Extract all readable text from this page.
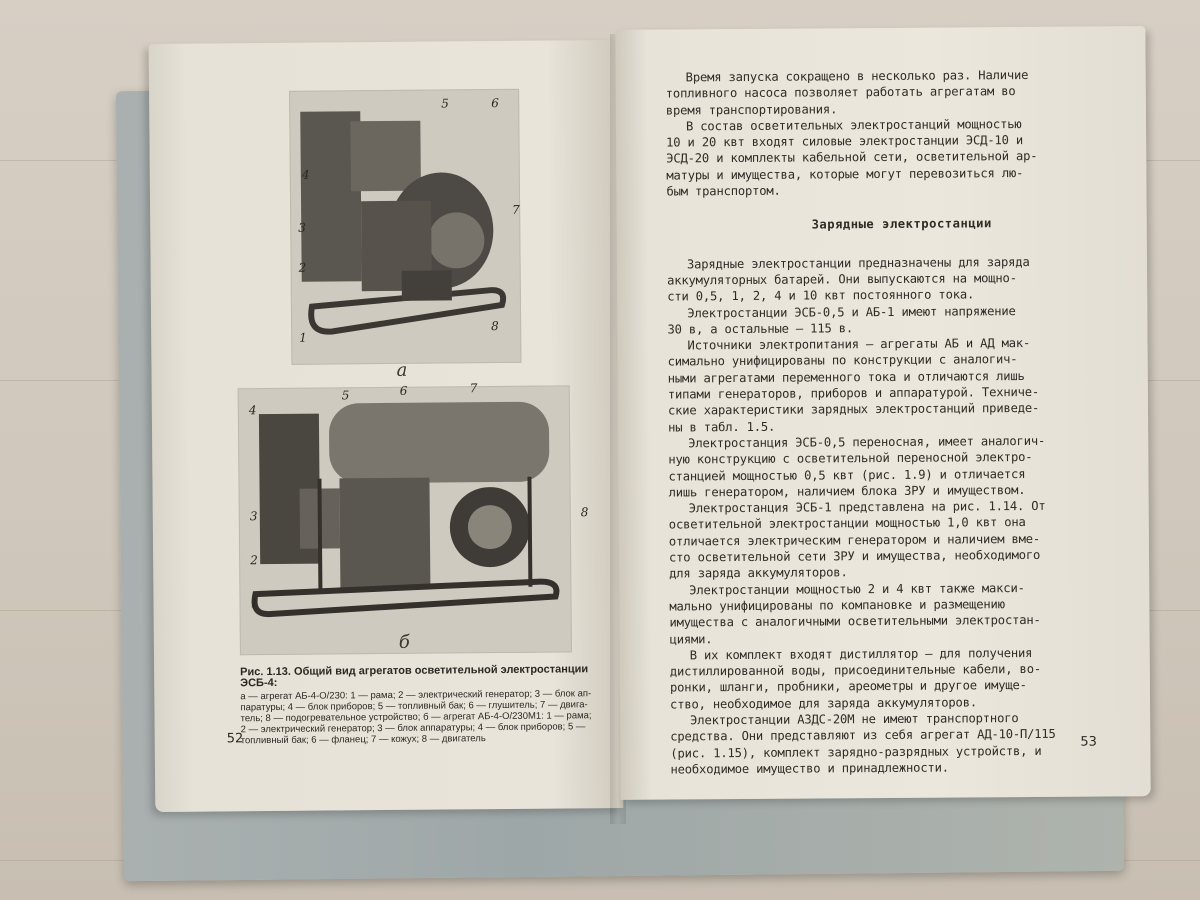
5	6
4
3
7
2
8
1
а
4
5	6	7
3	8
2
1
б
Рис. 1.13. Общий вид агрегатов осветительной электростанции ЭСБ-4:
а — агрегат АБ-4-О/230: 1 — рама; 2 — электрический генератор; 3 — блок ап-
паратуры; 4 — блок приборов; 5 — топливный бак; 6 — глушитель; 7 — двига-
тель; 8 — подогревательное устройство; б — агрегат АБ-4-О/230М1: 1 — рама;
2 — электрический генератор; 3 — блок аппаратуры; 4 — блок приборов; 5 —
топливный бак; 6 — фланец; 7 — кожух; 8 — двигатель
52

Время запуска сокращено в несколько раз. Наличие
топливного насоса позволяет работать агрегатам во
время транспортирования.

В состав осветительных электростанций мощностью
10 и 20 квт входят силовые электростанции ЭСД-10 и
ЭСД-20 и комплекты кабельной сети, осветительной ар-
матуры и имущества, которые могут перевозиться лю-
бым транспортом.

Зарядные электростанции

Зарядные электростанции предназначены для заряда
аккумуляторных батарей. Они выпускаются на мощно-
сти 0,5, 1, 2, 4 и 10 квт постоянного тока.

Электростанции ЭСБ-0,5 и АБ-1 имеют напряжение
30 в, а остальные — 115 в.

Источники электропитания — агрегаты АБ и АД мак-
симально унифицированы по конструкции с аналогич-
ными агрегатами переменного тока и отличаются лишь
типами генераторов, приборов и аппаратурой. Техниче-
ские характеристики зарядных электростанций приведе-
ны в табл. 1.5.

Электростанция ЭСБ-0,5 переносная, имеет аналогич-
ную конструкцию с осветительной переносной электро-
станцией мощностью 0,5 квт (рис. 1.9) и отличается
лишь генератором, наличием блока ЗРУ и имуществом.

Электростанция ЭСБ-1 представлена на рис. 1.14. От
осветительной электростанции мощностью 1,0 квт она
отличается электрическим генератором и наличием вме-
сто осветительной сети ЗРУ и имущества, необходимого
для заряда аккумуляторов.

Электростанции мощностью 2 и 4 квт также макси-
мально унифицированы по компановке и размещению
имущества с аналогичными осветительными электростан-
циями.

В их комплект входят дистиллятор — для получения
дистиллированной воды, присоединительные кабели, во-
ронки, шланги, пробники, ареометры и другое имуще-
ство, необходимое для заряда аккумуляторов.

Электростанции АЗДС-20М не имеют транспортного
средства. Они представляют из себя агрегат АД-10-П/115
(рис. 1.15), комплект зарядно-разрядных устройств, и
необходимое имущество и принадлежности.

53
